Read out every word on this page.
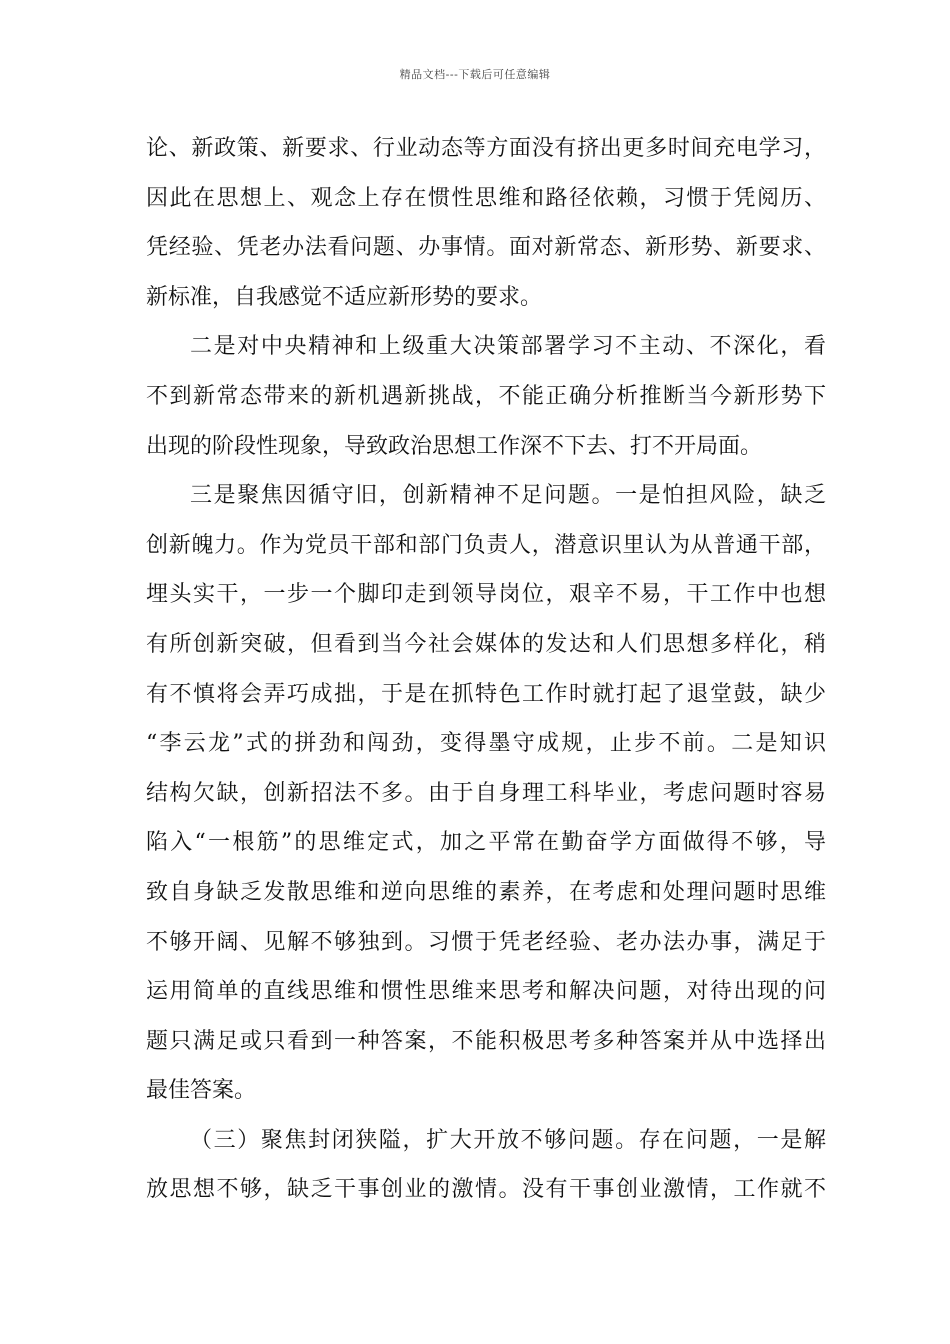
精品文档---下载后可任意编辑
论、新政策、新要求、行业动态等方面没有挤出更多时间充电学习，
因此在思想上、观念上存在惯性思维和路径依赖，习惯于凭阅历、
凭经验、凭老办法看问题、办事情。面对新常态、新形势、新要求、
新标准，自我感觉不适应新形势的要求。
二是对中央精神和上级重大决策部署学习不主动、不深化，看
不到新常态带来的新机遇新挑战，不能正确分析推断当今新形势下
出现的阶段性现象，导致政治思想工作深不下去、打不开局面。
三是聚焦因循守旧，创新精神不足问题。一是怕担风险，缺乏
创新魄力。作为党员干部和部门负责人，潜意识里认为从普通干部，
埋头实干，一步一个脚印走到领导岗位，艰辛不易，干工作中也想
有所创新突破，但看到当今社会媒体的发达和人们思想多样化，稍
有不慎将会弄巧成拙，于是在抓特色工作时就打起了退堂鼓，缺少
“李云龙”式的拼劲和闯劲，变得墨守成规，止步不前。二是知识
结构欠缺，创新招法不多。由于自身理工科毕业，考虑问题时容易
陷入“一根筋”的思维定式，加之平常在勤奋学方面做得不够，导
致自身缺乏发散思维和逆向思维的素养，在考虑和处理问题时思维
不够开阔、见解不够独到。习惯于凭老经验、老办法办事，满足于
运用简单的直线思维和惯性思维来思考和解决问题，对待出现的问
题只满足或只看到一种答案，不能积极思考多种答案并从中选择出
最佳答案。
（三）聚焦封闭狭隘，扩大开放不够问题。存在问题，一是解
放思想不够，缺乏干事创业的激情。没有干事创业激情，工作就不
